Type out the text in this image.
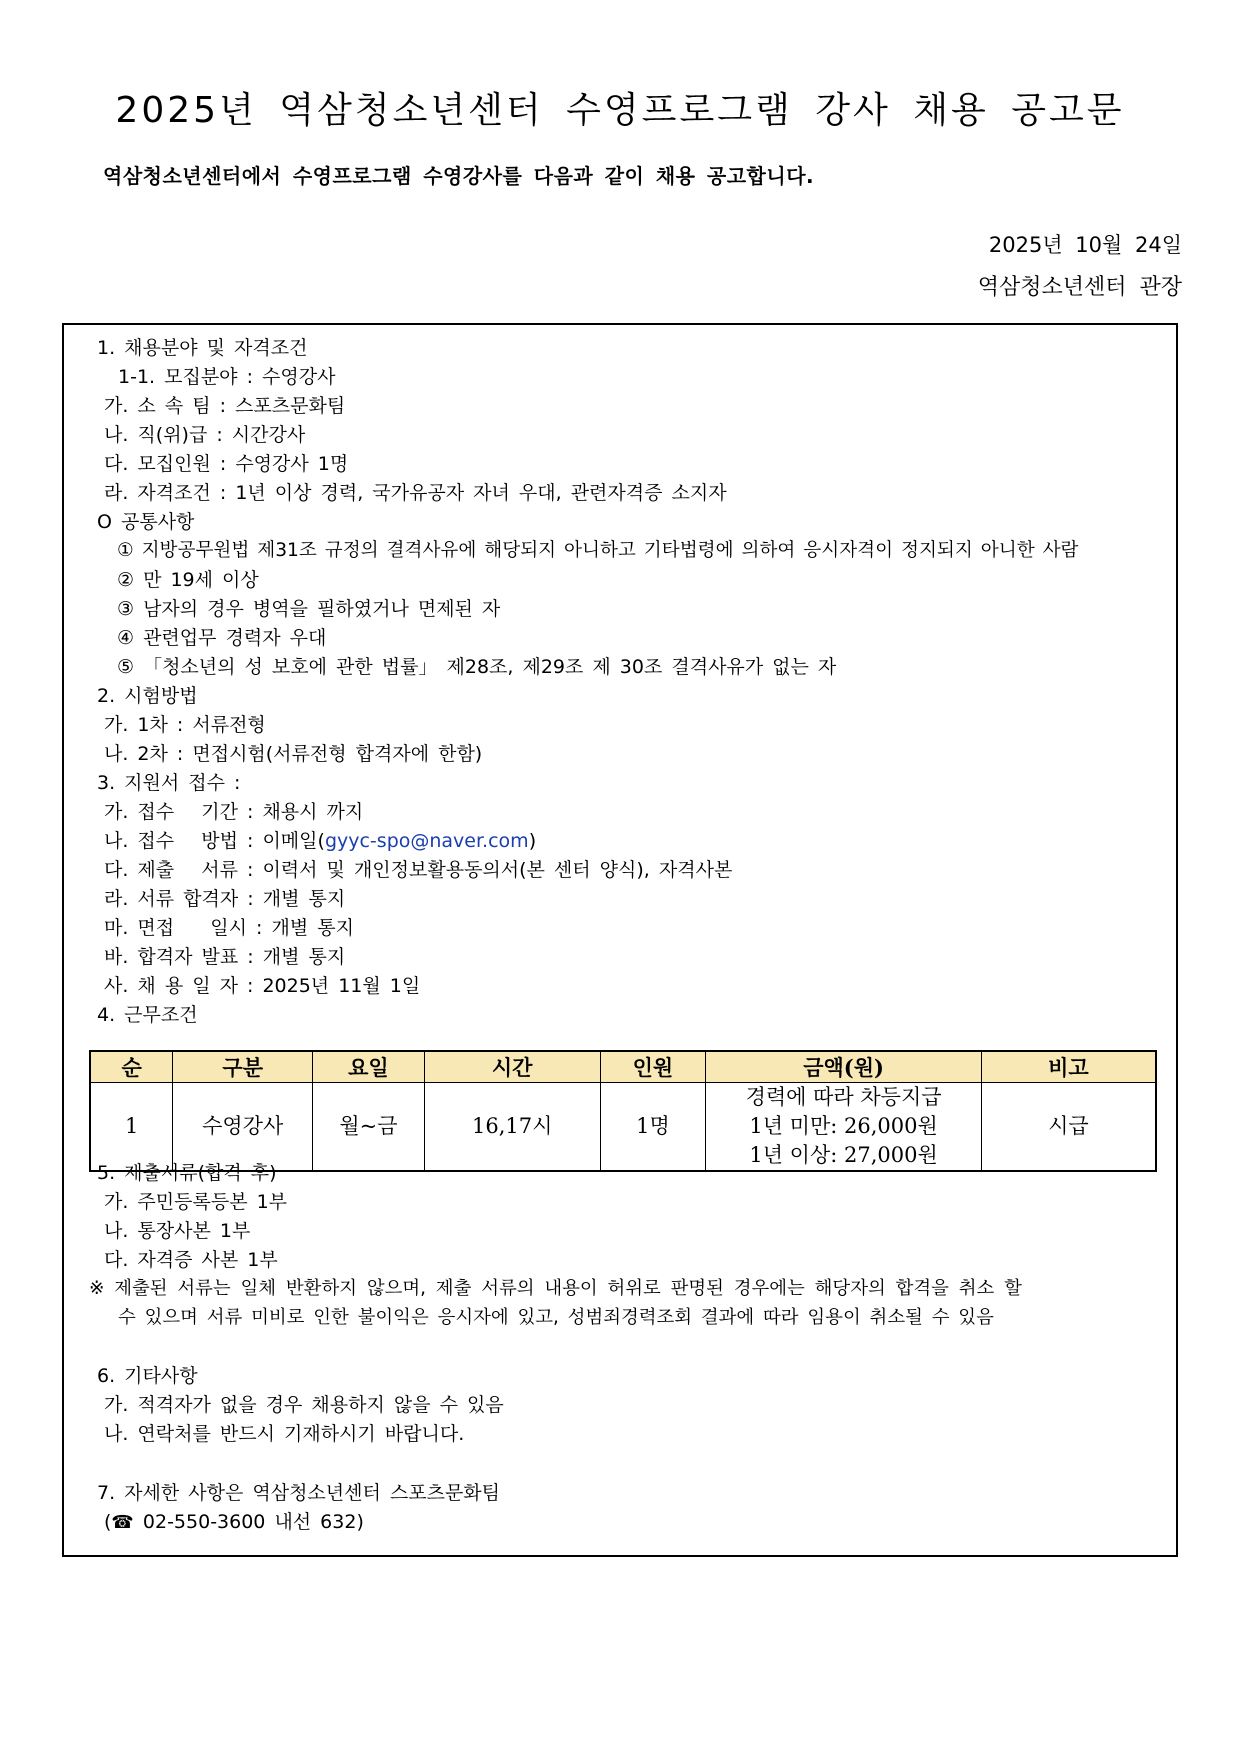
2025년 역삼청소년센터 수영프로그램 강사 채용 공고문
역삼청소년센터에서 수영프로그램 수영강사를 다음과 같이 채용 공고합니다.
2025년 10월 24일
역삼청소년센터 관장
1. 채용분야 및 자격조건
1-1. 모집분야 : 수영강사
가. 소 속 팀 : 스포츠문화팀
나. 직(위)급 : 시간강사
다. 모집인원 : 수영강사 1명
라. 자격조건 : 1년 이상 경력, 국가유공자 자녀 우대, 관련자격증 소지자
O 공통사항
① 지방공무원법 제31조 규정의 결격사유에 해당되지 아니하고 기타법령에 의하여 응시자격이 정지되지 아니한 사람
② 만 19세 이상
③ 남자의 경우 병역을 필하였거나 면제된 자
④ 관련업무 경력자 우대
⑤ 「청소년의 성 보호에 관한 법률」 제28조, 제29조 제 30조 결격사유가 없는 자
2. 시험방법
가. 1차 : 서류전형
나. 2차 : 면접시험(서류전형 합격자에 한함)
3. 지원서 접수 :
가. 접수   기간 : 채용시 까지
나. 접수   방법 : 이메일(gyyc-spo@naver.com)
다. 제출   서류 : 이력서 및 개인정보활용동의서(본 센터 양식), 자격사본
라. 서류 합격자 : 개별 통지
마. 면접    일시 : 개별 통지
바. 합격자 발표 : 개별 통지
사. 채 용 일 자 : 2025년 11월 1일
4. 근무조건
순	구분	요일	시간	인원	금액(원)	비고
1	수영강사	월~금	16,17시	1명	경력에 따라 차등지급
1년 미만: 26,000원
1년 이상: 27,000원	시급
5. 제출서류(합격 후)
가. 주민등록등본 1부
나. 통장사본 1부
다. 자격증 사본 1부
※ 제출된 서류는 일체 반환하지 않으며, 제출 서류의 내용이 허위로 판명된 경우에는 해당자의 합격을 취소 할
수 있으며 서류 미비로 인한 불이익은 응시자에 있고, 성범죄경력조회 결과에 따라 임용이 취소될 수 있음
6. 기타사항
가. 적격자가 없을 경우 채용하지 않을 수 있음
나. 연락처를 반드시 기재하시기 바랍니다.
7. 자세한 사항은 역삼청소년센터 스포츠문화팀
(☎ 02-550-3600 내선 632)
